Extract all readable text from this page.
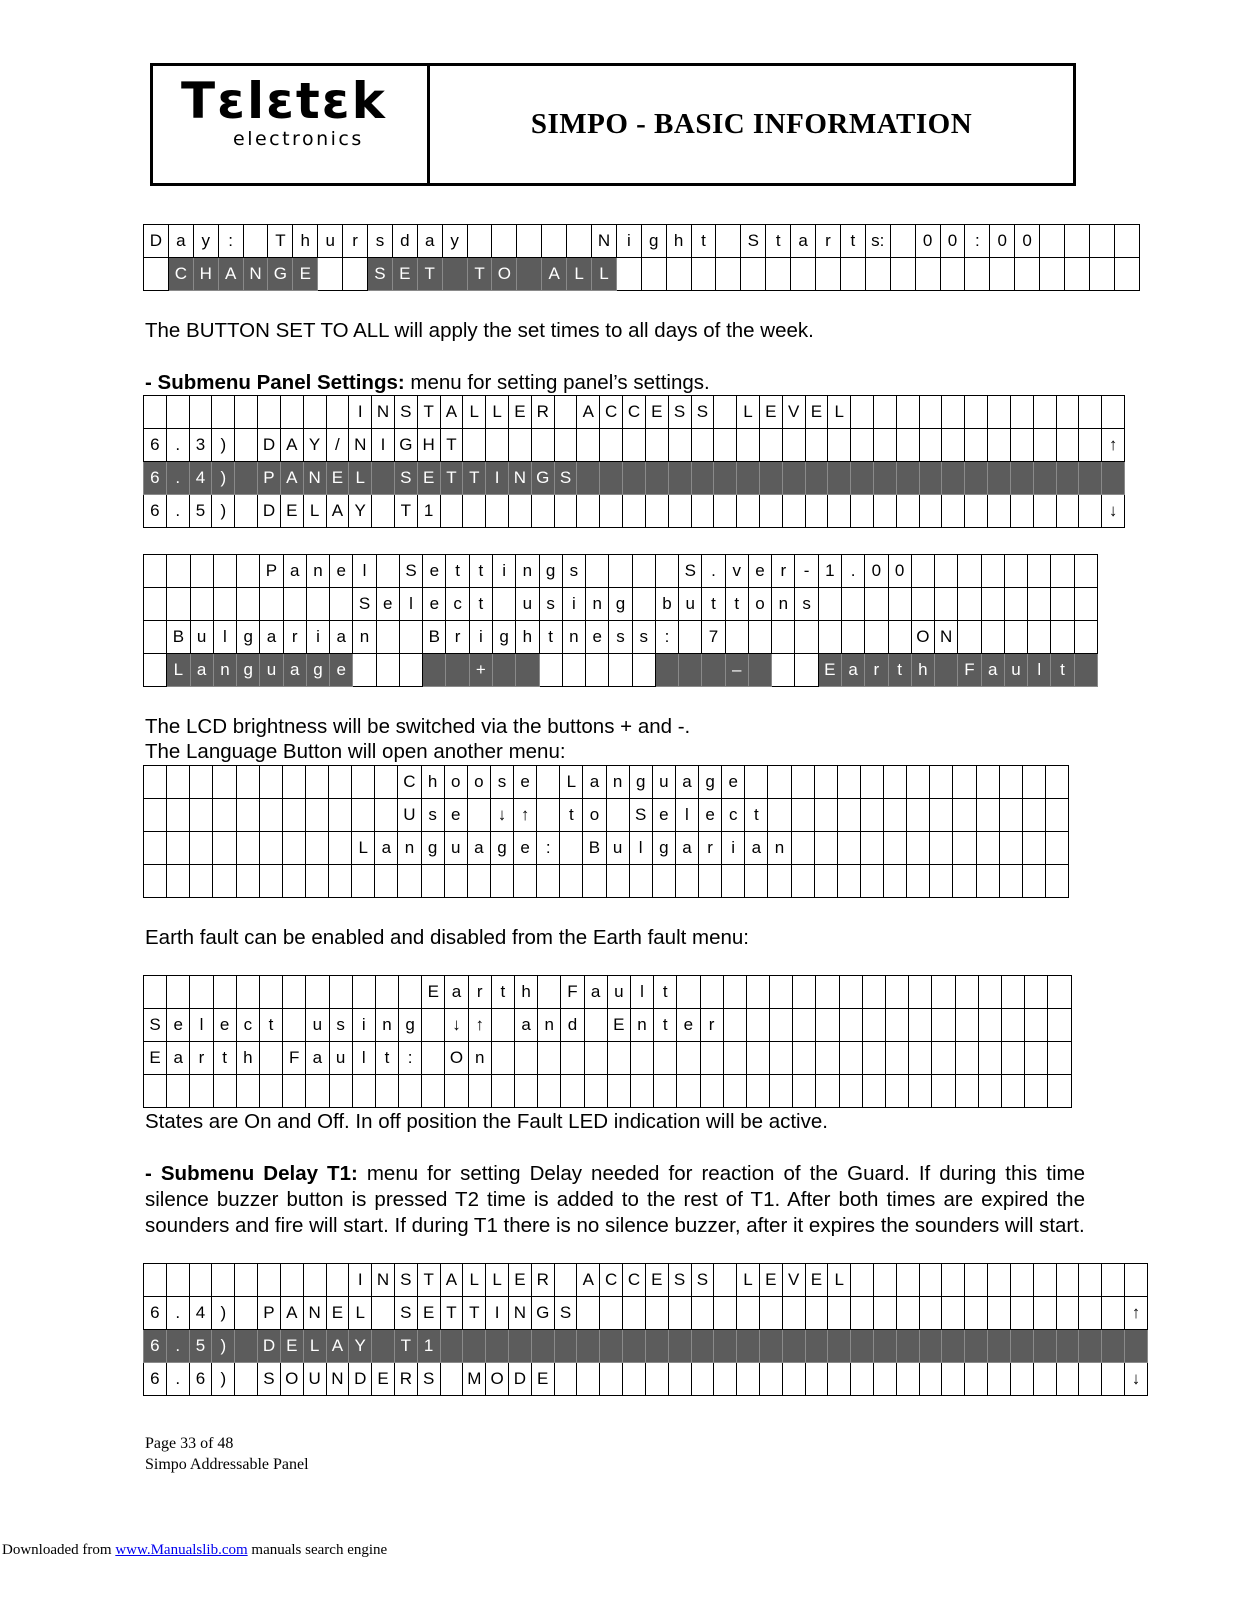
Tεlεtεk
electronics	SIMPO - BASIC INFORMATION
D	a	y	:		T	h	u	r	s	d	a	y						N	i	g	h	t		S	t	a	r	t	s:		0	0	:	0	0				
	C	H	A	N	G	E			S	E	T		T	O		A	L	L																					
The BUTTON SET TO ALL will apply the set times to all days of the week.
- Submenu Panel Settings: menu for setting panel’s settings.
									I	N	S	T	A	L	L	E	R		A	C	C	E	S	S		L	E	V	E	L												
6	.	3	)		D	A	Y	/	N	I	G	H	T																													↑
6	.	4	)		P	A	N	E	L		S	E	T	T	I	N	G	S																								
6	.	5	)		D	E	L	A	Y		T	1																														↓
					P	a	n	e	l		S	e	t	t	i	n	g	s					S	.	v	e	r	-	1	.	0	0								
									S	e	l	e	c	t		u	s	i	n	g		b	u	t	t	o	n	s												
	B	u	l	g	a	r	i	a	n			B	r	i	g	h	t	n	e	s	s	:		7									O	N						
	L	a	n	g	u	a	g	e						+											–				E	a	r	t	h		F	a	u	l	t	
The LCD brightness will be switched via the buttons + and -.
The Language Button will open another menu:
											C	h	o	o	s	e		L	a	n	g	u	a	g	e														
											U	s	e		↓	↑		t	o		S	e	l	e	c	t													
									L	a	n	g	u	a	g	e	:		B	u	l	g	a	r	i	a	n												

Earth fault can be enabled and disabled from the Earth fault menu:
												E	a	r	t	h		F	a	u	l	t																	
S	e	l	e	c	t		u	s	i	n	g		↓	↑		a	n	d		E	n	t	e	r															
E	a	r	t	h		F	a	u	l	t	:		O	n																									

States are On and Off. In off position the Fault LED indication will be active.
- Submenu Delay T1: menu for setting Delay needed for reaction of the Guard. If during this time silence buzzer button is pressed T2 time is added to the rest of T1. After both times are expired the sounders and fire will start. If during T1 there is no silence buzzer, after it expires the sounders will start.
									I	N	S	T	A	L	L	E	R		A	C	C	E	S	S		L	E	V	E	L													
6	.	4	)		P	A	N	E	L		S	E	T	T	I	N	G	S																									↑
6	.	5	)		D	E	L	A	Y		T	1																															
6	.	6	)		S	O	U	N	D	E	R	S		M	O	D	E																										↓
Page 33 of 48
Simpo Addressable Panel
Downloaded from www.Manualslib.com manuals search engine
